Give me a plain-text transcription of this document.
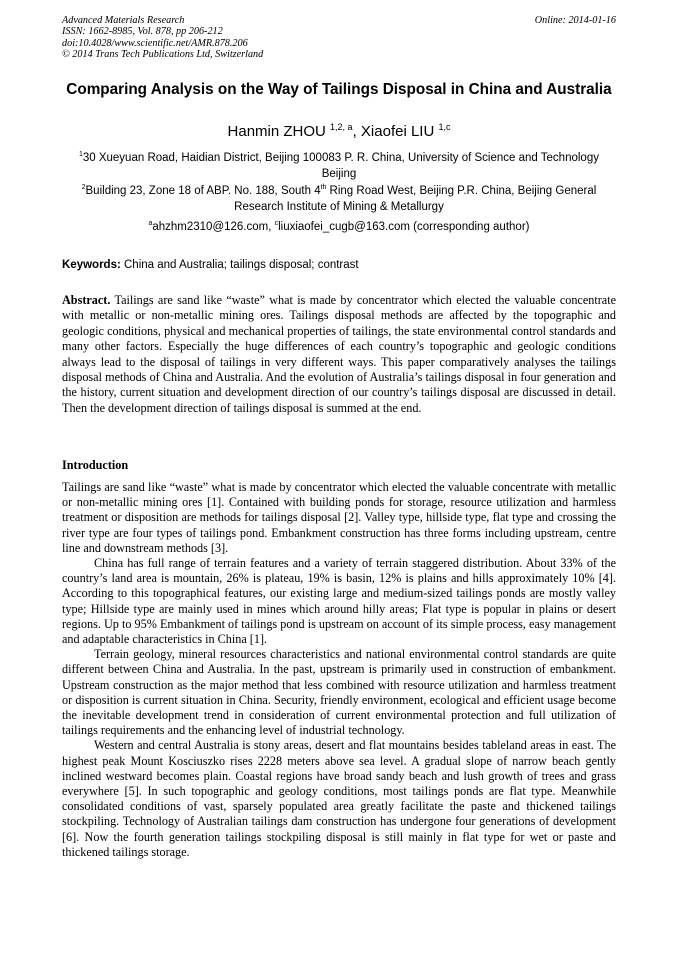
Advanced Materials Research
ISSN: 1662-8985, Vol. 878, pp 206-212
doi:10.4028/www.scientific.net/AMR.878.206
© 2014 Trans Tech Publications Ltd, Switzerland
Online: 2014-01-16
Comparing Analysis on the Way of Tailings Disposal in China and Australia
Hanmin ZHOU $^{1,2, a}$, Xiaofei LIU $^{1,c}$
$^1$30 Xueyuan Road, Haidian District, Beijing 100083 P. R. China, University of Science and Technology Beijing
$^2$Building 23, Zone 18 of ABP. No. 188, South 4th Ring Road West, Beijing P.R. China, Beijing General Research Institute of Mining & Metallurgy
$^a$ahzhm2310@126.com, $^c$liuxiaofei_cugb@163.com (corresponding author)
Keywords: China and Australia; tailings disposal; contrast
Abstract. Tailings are sand like “waste” what is made by concentrator which elected the valuable concentrate with metallic or non-metallic mining ores. Tailings disposal methods are affected by the topographic and geologic conditions, physical and mechanical properties of tailings, the state environmental control standards and many other factors. Especially the huge differences of each country’s topographic and geologic conditions always lead to the disposal of tailings in very different ways. This paper comparatively analyses the tailings disposal methods of China and Australia. And the evolution of Australia’s tailings disposal in four generation and the history, current situation and development direction of our country’s tailings disposal are discussed in detail. Then the development direction of tailings disposal is summed at the end.
Introduction

Tailings are sand like “waste” what is made by concentrator which elected the valuable concentrate with metallic or non-metallic mining ores [1]. Contained with building ponds for storage, resource utilization and harmless treatment or disposition are methods for tailings disposal [2]. Valley type, hillside type, flat type and crossing the river type are four types of tailings pond. Embankment construction has three forms including upstream, centre line and downstream methods [3].

China has full range of terrain features and a variety of terrain staggered distribution. About 33% of the country’s land area is mountain, 26% is plateau, 19% is basin, 12% is plains and hills approximately 10% [4]. According to this topographical features, our existing large and medium-sized tailings ponds are mostly valley type; Hillside type are mainly used in mines which around hilly areas; Flat type is popular in plains or desert regions. Up to 95% Embankment of tailings pond is upstream on account of its simple process, easy management and adaptable characteristics in China [1].

Terrain geology, mineral resources characteristics and national environmental control standards are quite different between China and Australia. In the past, upstream is primarily used in construction of embankment. Upstream construction as the major method that less combined with resource utilization and harmless treatment or disposition is current situation in China. Security, friendly environment, ecological and efficient usage become the inevitable development trend in consideration of current environmental protection and full utilization of tailings requirements and the enhancing level of industrial technology.

Western and central Australia is stony areas, desert and flat mountains besides tableland areas in east. The highest peak Mount Kosciuszko rises 2228 meters above sea level. A gradual slope of narrow beach gently inclined westward becomes plain. Coastal regions have broad sandy beach and lush growth of trees and grass everywhere [5]. In such topographic and geology conditions, most tailings ponds are flat type. Meanwhile consolidated conditions of vast, sparsely populated area greatly facilitate the paste and thickened tailings stockpiling. Technology of Australian tailings dam construction has undergone four generations of development [6]. Now the fourth generation tailings stockpiling disposal is still mainly in flat type for wet or paste and thickened tailings storage.
